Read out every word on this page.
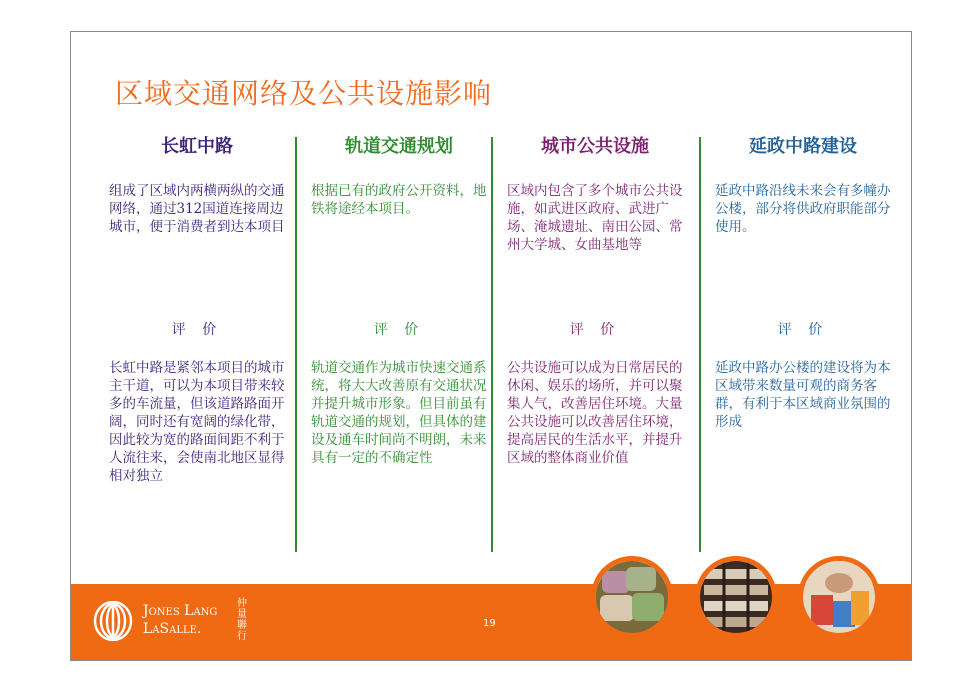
区域交通网络及公共设施影响
长虹中路
组成了区域内两横两纵的交通网络，通过312国道连接周边城市，便于消费者到达本项目
评 价
长虹中路是紧邻本项目的城市主干道，可以为本项目带来较多的车流量，但该道路路面开阔，同时还有宽阔的绿化带，因此较为宽的路面间距不利于人流往来，会使南北地区显得相对独立
轨道交通规划
根据已有的政府公开资料，地铁将途经本项目。
评 价
轨道交通作为城市快速交通系统，将大大改善原有交通状况并提升城市形象。但目前虽有轨道交通的规划，但具体的建设及通车时间尚不明朗，未来具有一定的不确定性
城市公共设施
区域内包含了多个城市公共设施，如武进区政府、武进广场、淹城遗址、南田公园、常州大学城、女曲基地等
评 价
公共设施可以成为日常居民的休闲、娱乐的场所，并可以聚集人气，改善居住环境。大量公共设施可以改善居住环境，提高居民的生活水平，并提升区域的整体商业价值
延政中路建设
延政中路沿线未来会有多幢办公楼，部分将供政府职能部分使用。
评 价
延政中路办公楼的建设将为本区域带来数量可观的商务客群，有利于本区域商业氛围的形成
Jones Lang
LaSalle.
仲量聯行
19
